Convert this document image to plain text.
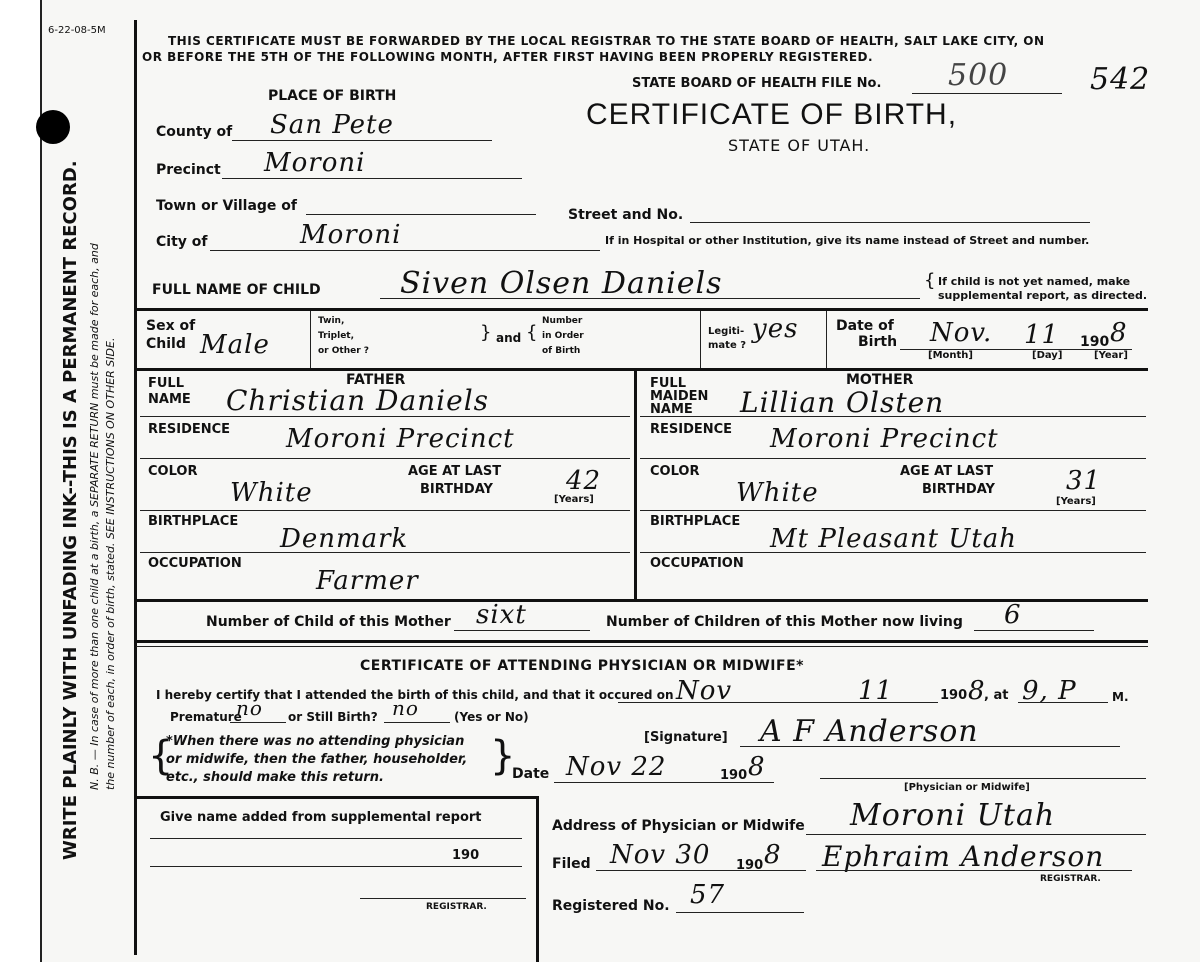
WRITE PLAINLY WITH UNFADING INK--THIS IS A PERMANENT RECORD. N. B. — In case of more than one child at a birth, a SEPARATE RETURN must be made for each, and the number of each, in order of birth, stated. SEE INSTRUCTIONS ON OTHER SIDE.
6-22-08-5M
THIS CERTIFICATE MUST BE FORWARDED BY THE LOCAL REGISTRAR TO THE STATE BOARD OF HEALTH, SALT LAKE CITY, ON
OR BEFORE THE 5TH OF THE FOLLOWING MONTH, AFTER FIRST HAVING BEEN PROPERLY REGISTERED.
STATE BOARD OF HEALTH FILE No. 500	542
PLACE OF BIRTH
CERTIFICATE OF BIRTH,
STATE OF UTAH.
County of San Pete
Precinct Moroni
Town or Village of
Street and No.
City of	Moroni	If in Hospital or other Institution, give its name instead of Street and number.
FULL NAME OF CHILD	Siven Olsen Daniels	{ If child is not yet named, make
supplemental report, as directed.
Sex of
Child Male
Twin,
Triplet,
or Other ?
} and {
Number
in Order
of Birth
Legiti-
mate ?
yes	Date of
Birth Nov. 11 190 8
[Month]	[Day]	[Year]
FULL
NAME
FATHER
Christian Daniels
RESIDENCE Moroni Precinct
COLOR
White
AGE AT LAST
BIRTHDAY	42
[Years]
BIRTHPLACE
Denmark
OCCUPATION
Farmer
FULL
MAIDEN
NAME
MOTHER
Lillian Olsten
RESIDENCE Moroni Precinct
COLOR
White
AGE AT LAST
BIRTHDAY	31
[Years]
BIRTHPLACE
Mt Pleasant Utah
OCCUPATION
Number of Child of this Mother sixt	Number of Children of this Mother now living 6
CERTIFICATE OF ATTENDING PHYSICIAN OR MIDWIFE*
I hereby certify that I attended the birth of this child, and that it occured on Nov	11	190 8
, at 9, P	M.
Premature
no or Still Birth? no	(Yes or No)
{
*When there was no attending physician
or midwife, then the father, householder,
etc., should make this return.	}	[Signature] A F Anderson
Date Nov 22	190 8
[Physician or Midwife]
Give name added from supplemental report
190
REGISTRAR.
Address of Physician or Midwife Moroni Utah
Filed Nov 30 190 8 Ephraim Anderson
REGISTRAR.
Registered No. 57
